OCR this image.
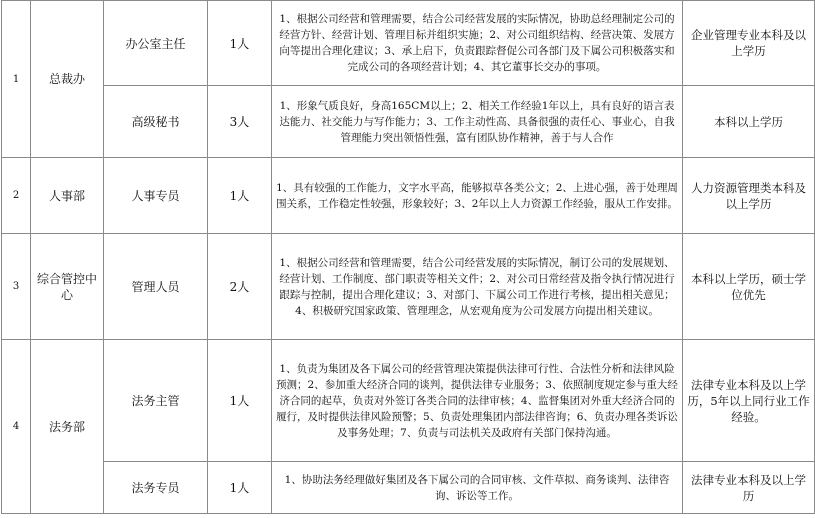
1	总裁办	办公室主任	1人	1、根据公司经营和管理需要，结合公司经营发展的实际情况，协助总经理制定公司的经营方针、经营计划、管理目标并组织实施；2、对公司组织结构、经营决策、发展方向等提出合理化建议；3、承上启下，负责跟踪督促公司各部门及下属公司积极落实和完成公司的各项经营计划；4、其它董事长交办的事项。	企业管理专业本科及以上学历
		高级秘书	3人	1、形象气质良好，身高165CM以上；2、相关工作经验1年以上，具有良好的语言表达能力、社交能力与写作能力；3、工作主动性高、具备很强的责任心、事业心，自我管理能力突出领悟性强，富有团队协作精神，善于与人合作	本科以上学历
2	人事部	人事专员	1人	1、具有较强的工作能力，文字水平高，能够拟草各类公文；2、上进心强，善于处理周围关系，工作稳定性较强，形象较好；3、2年以上人力资源工作经验，服从工作安排。	人力资源管理类本科及以上学历
3	综合管控中心	管理人员	2人	1、根据公司经营和管理需要，结合公司经营发展的实际情况，制订公司的发展规划、经营计划、工作制度、部门职责等相关文件；2、对公司日常经营及指令执行情况进行跟踪与控制，提出合理化建议；3、对部门、下属公司工作进行考核，提出相关意见；4、积极研究国家政策、管理理念，从宏观角度为公司发展方向提出相关建议。	本科以上学历，硕士学位优先
4	法务部	法务主管	1人	1、负责为集团及各下属公司的经营管理决策提供法律可行性、合法性分析和法律风险预测；2、参加重大经济合同的谈判，提供法律专业服务；3、依照制度规定参与重大经济合同的起草，负责对外签订各类合同的法律审核；4、监督集团对外重大经济合同的履行，及时提供法律风险预警；5、负责处理集团内部法律咨询；6、负责办理各类诉讼及事务处理；7、负责与司法机关及政府有关部门保持沟通。	法律专业本科及以上学历，5年以上同行业工作经验。
		法务专员	1人	1、协助法务经理做好集团及各下属公司的合同审核、文件草拟、商务谈判、法律咨询、诉讼等工作。	法律专业本科及以上学历
